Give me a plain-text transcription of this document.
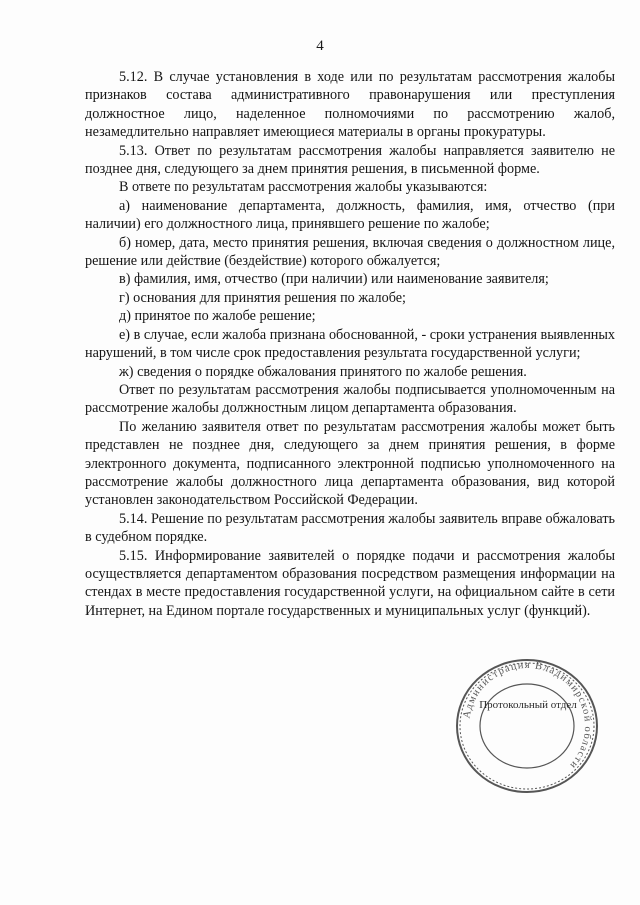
4

5.12. В случае установления в ходе или по результатам рассмотрения жалобы признаков состава административного правонарушения или преступления должностное лицо, наделенное полномочиями по рассмотрению жалоб, незамедлительно направляет имеющиеся материалы в органы прокуратуры.

5.13. Ответ по результатам рассмотрения жалобы направляется заявителю не позднее дня, следующего за днем принятия решения, в письменной форме.

В ответе по результатам рассмотрения жалобы указываются:

а) наименование департамента, должность, фамилия, имя, отчество (при наличии) его должностного лица, принявшего решение по жалобе;

б) номер, дата, место принятия решения, включая сведения о должностном лице, решение или действие (бездействие) которого обжалуется;

в) фамилия, имя, отчество (при наличии) или наименование заявителя;

г) основания для принятия решения по жалобе;

д) принятое по жалобе решение;

е) в случае, если жалоба признана обоснованной, - сроки устранения выявленных нарушений, в том числе срок предоставления результата государственной услуги;

ж) сведения о порядке обжалования принятого по жалобе решения.

Ответ по результатам рассмотрения жалобы подписывается уполномоченным на рассмотрение жалобы должностным лицом департамента образования.

По желанию заявителя ответ по результатам рассмотрения жалобы может быть представлен не позднее дня, следующего за днем принятия решения, в форме электронного документа, подписанного электронной подписью уполномоченного на рассмотрение жалобы должностного лица департамента образования, вид которой установлен законодательством Российской Федерации.

5.14. Решение по результатам рассмотрения жалобы заявитель вправе обжаловать в судебном порядке.

5.15. Информирование заявителей о порядке подачи и рассмотрения жалобы осуществляется департаментом образования посредством размещения информации на стендах в месте предоставления государственной услуги, на официальном сайте в сети Интернет, на Едином портале государственных и муниципальных услуг (функций).

Администрация Владимирской области
Протокольный отдел
